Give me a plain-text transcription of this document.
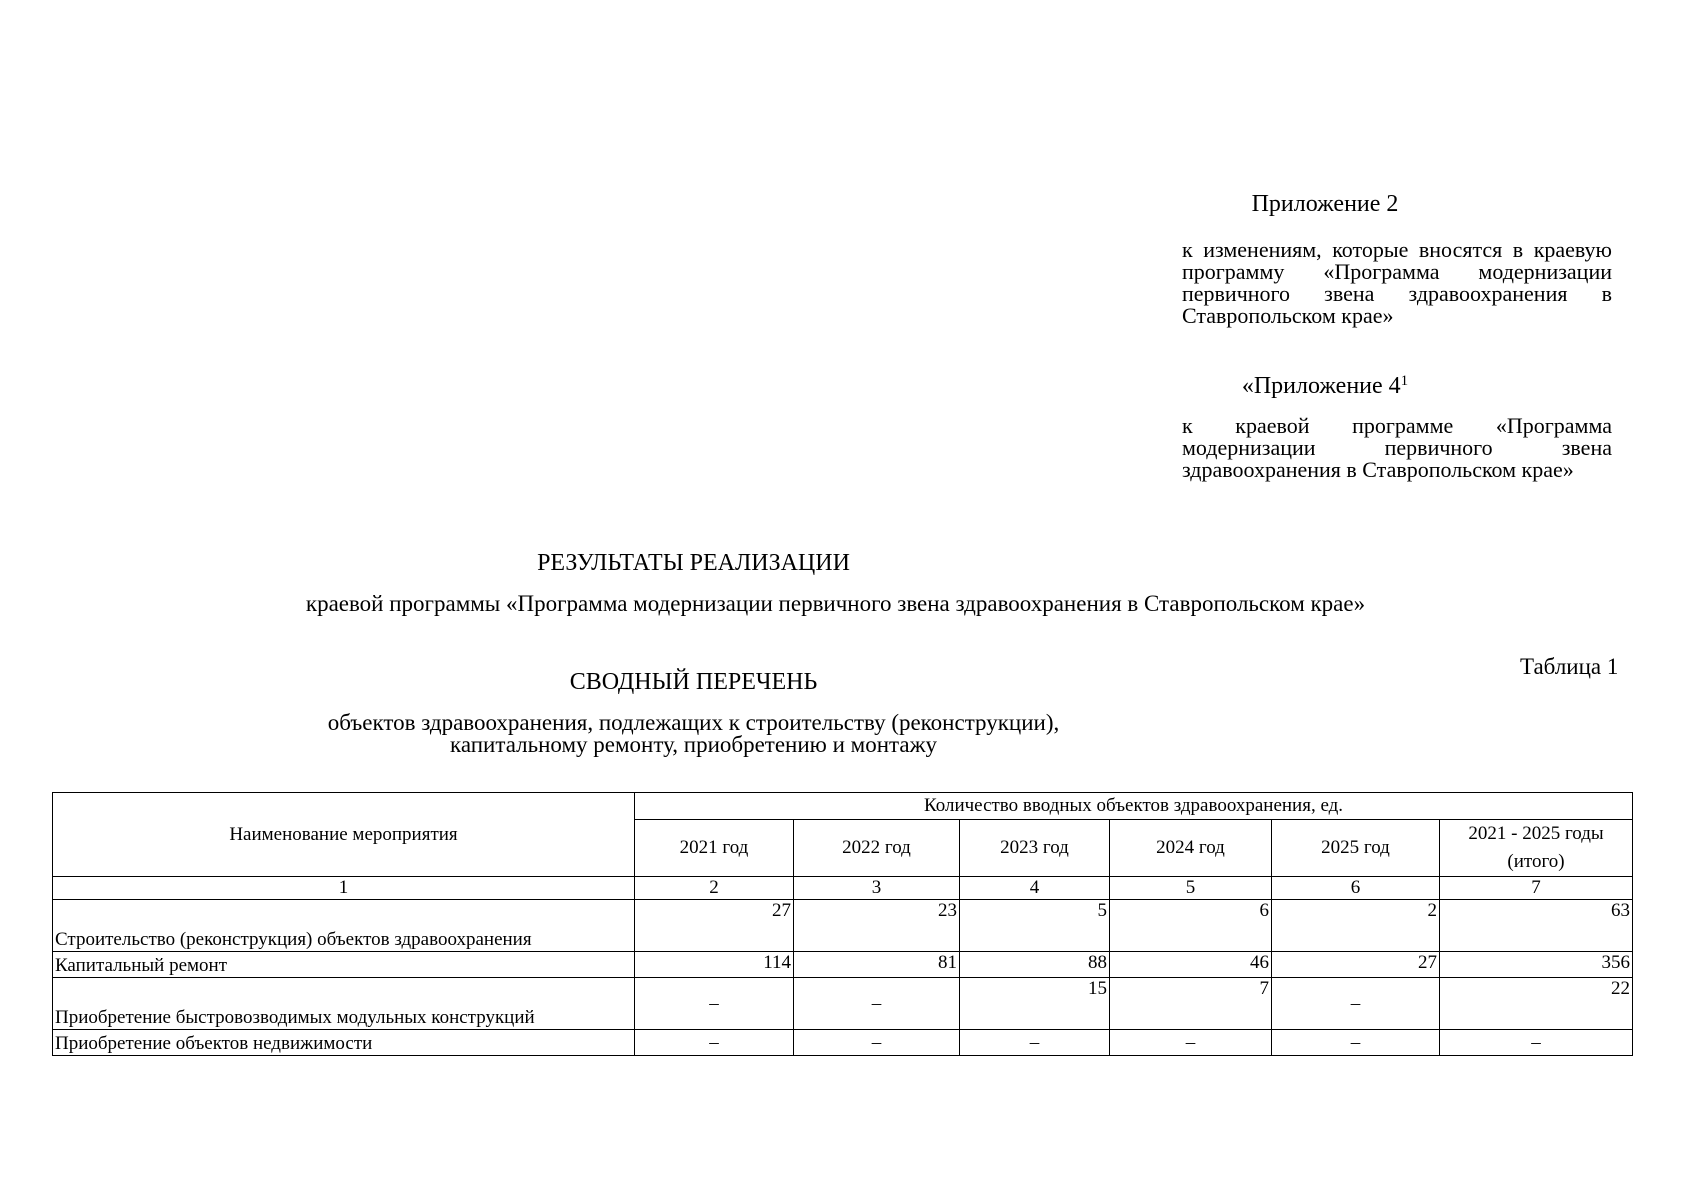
Приложение 2
к изменениям, которые вносятся в краевую программу «Программа модернизации первичного звена здравоохранения в Ставропольском крае»
«Приложение $4^1$
к краевой программе «Программа модернизации первичного звена здравоохранения в Ставропольском крае»
РЕЗУЛЬТАТЫ РЕАЛИЗАЦИИ
краевой программы «Программа модернизации первичного звена здравоохранения в Ставропольском крае»
Таблица 1
СВОДНЫЙ ПЕРЕЧЕНЬ
объектов здравоохранения, подлежащих к строительству (реконструкции),
капитальному ремонту, приобретению и монтажу
Наименование мероприятия	Количество вводных объектов здравоохранения, ед.					
	2021 год	2022 год	2023 год	2024 год	2025 год	2021 - 2025 годы (итого)
1	2	3	4	5	6	7
Строительство (реконструкция) объектов здравоохранения	27	23	5	6	2	63
Капитальный ремонт	114	81	88	46	27	356
Приобретение быстровозводимых модульных конструкций	–	–	15	7	–	22
Приобретение объектов недвижимости	–	–	–	–	–	–
